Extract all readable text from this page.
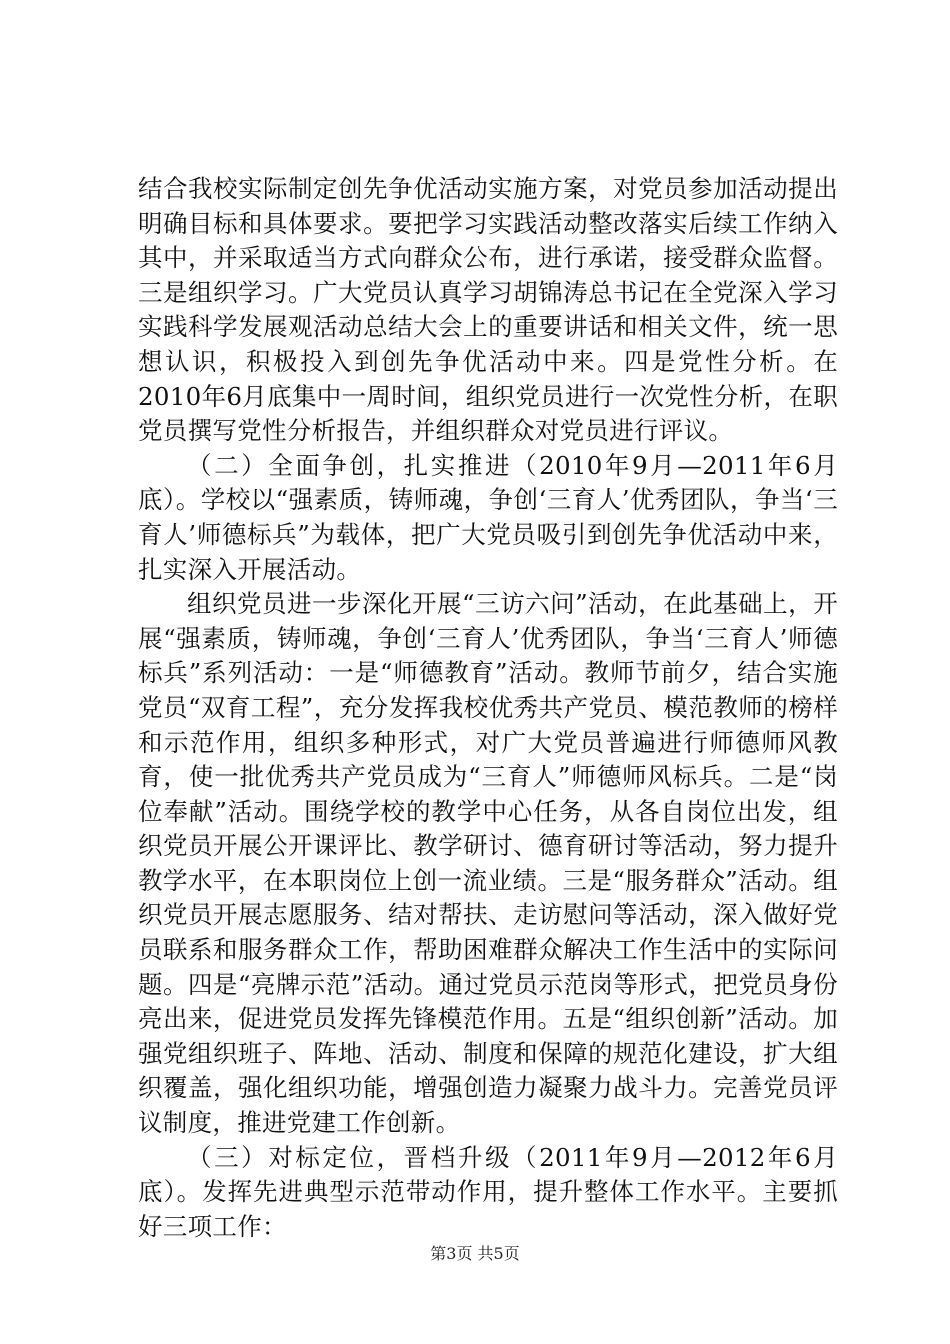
结合我校实际制定创先争优活动实施方案，对党员参加活动提出明确目标和具体要求。要把学习实践活动整改落实后续工作纳入其中，并采取适当方式向群众公布，进行承诺，接受群众监督。三是组织学习。广大党员认真学习胡锦涛总书记在全党深入学习实践科学发展观活动总结大会上的重要讲话和相关文件，统一思想认识，积极投入到创先争优活动中来。四是党性分析。在2010年6月底集中一周时间，组织党员进行一次党性分析，在职党员撰写党性分析报告，并组织群众对党员进行评议。

（二）全面争创，扎实推进（2010年9月—2011年6月底）。学校以“强素质，铸师魂，争创‘三育人’优秀团队，争当‘三育人’师德标兵”为载体，把广大党员吸引到创先争优活动中来，扎实深入开展活动。

组织党员进一步深化开展“三访六问”活动，在此基础上，开展“强素质，铸师魂，争创‘三育人’优秀团队，争当‘三育人’师德标兵”系列活动：一是“师德教育”活动。教师节前夕，结合实施党员“双育工程”，充分发挥我校优秀共产党员、模范教师的榜样和示范作用，组织多种形式，对广大党员普遍进行师德师风教育，使一批优秀共产党员成为“三育人”师德师风标兵。二是“岗位奉献”活动。围绕学校的教学中心任务，从各自岗位出发，组织党员开展公开课评比、教学研讨、德育研讨等活动，努力提升教学水平，在本职岗位上创一流业绩。三是“服务群众”活动。组织党员开展志愿服务、结对帮扶、走访慰问等活动，深入做好党员联系和服务群众工作，帮助困难群众解决工作生活中的实际问题。四是“亮牌示范”活动。通过党员示范岗等形式，把党员身份亮出来，促进党员发挥先锋模范作用。五是“组织创新”活动。加强党组织班子、阵地、活动、制度和保障的规范化建设，扩大组织覆盖，强化组织功能，增强创造力凝聚力战斗力。完善党员评议制度，推进党建工作创新。

（三）对标定位，晋档升级（2011年9月—2012年6月底）。发挥先进典型示范带动作用，提升整体工作水平。主要抓好三项工作：

第3页 共5页
